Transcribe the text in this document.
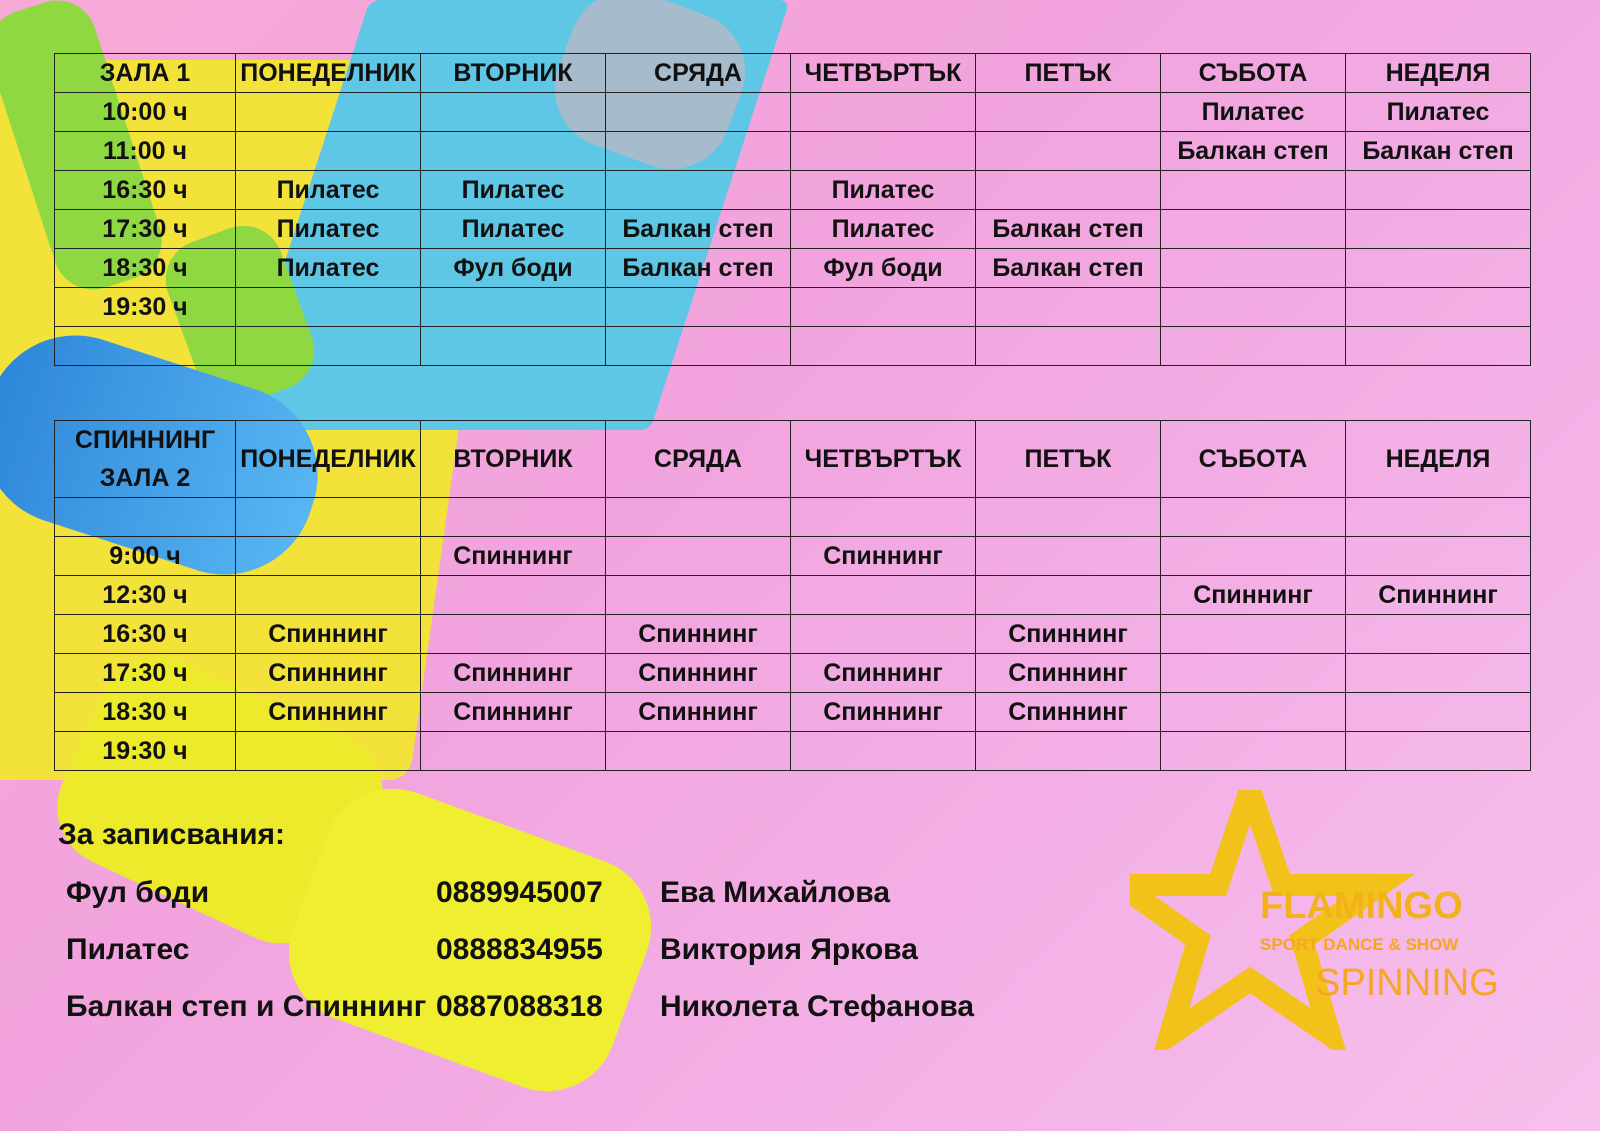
ЗАЛА 1	ПОНЕДЕЛНИК	ВТОРНИК	СРЯДА	ЧЕТВЪРТЪК	ПЕТЪК	СЪБОТА	НЕДЕЛЯ
10:00 ч						Пилатес	Пилатес
11:00 ч						Балкан степ	Балкан степ
16:30 ч	Пилатес	Пилатес		Пилатес			
17:30 ч	Пилатес	Пилатес	Балкан степ	Пилатес	Балкан степ		
18:30 ч	Пилатес	Фул боди	Балкан степ	Фул боди	Балкан степ		
19:30 ч							

СПИННИНГ
ЗАЛА 2	ПОНЕДЕЛНИК	ВТОРНИК	СРЯДА	ЧЕТВЪРТЪК	ПЕТЪК	СЪБОТА	НЕДЕЛЯ

9:00 ч		Спиннинг		Спиннинг			
12:30 ч						Спиннинг	Спиннинг
16:30 ч	Спиннинг		Спиннинг		Спиннинг		
17:30 ч	Спиннинг	Спиннинг	Спиннинг	Спиннинг	Спиннинг		
18:30 ч	Спиннинг	Спиннинг	Спиннинг	Спиннинг	Спиннинг		
19:30 ч							
За записвания:
Фул боди	0889945007 Ева Михайлова
Пилатес	0888834955 Виктория Яркова
Балкан степ и Спиннинг 0887088318 Николета Стефанова
FLAMINGO
SPORT DANCE & SHOW
SPINNING
